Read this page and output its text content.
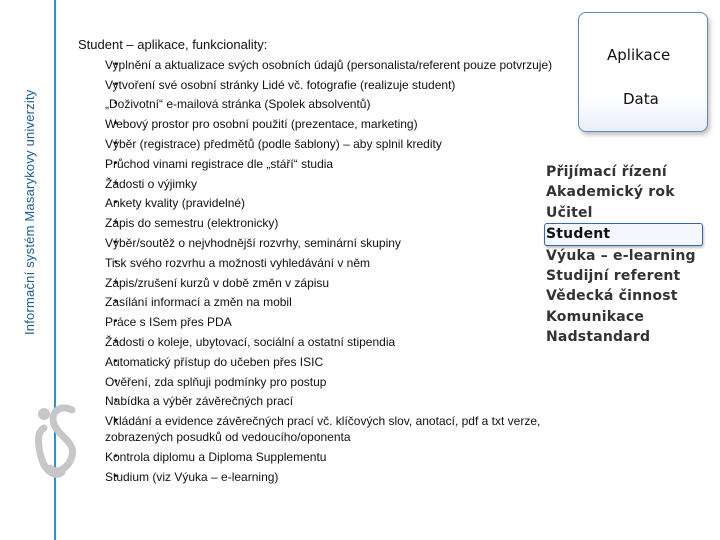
Informační systém Masarykovy univerzity

Student – aplikace, funkcionality:

• Vyplnění a aktualizace svých osobních údajů (personalista/referent pouze potvrzuje)
• Vytvoření své osobní stránky Lidé vč. fotografie (realizuje student)
• „Doživotní“ e-mailová stránka (Spolek absolventů)
• Webový prostor pro osobní použití (prezentace, marketing)
• Výběr (registrace) předmětů (podle šablony) – aby splnil kredity
• Průchod vinami registrace dle „stáří“ studia
• Žádosti o výjimky
• Ankety kvality (pravidelné)
• Zápis do semestru (elektronicky)
• Výběr/soutěž o nejvhodnější rozvrhy, seminární skupiny
• Tisk svého rozvrhu a možnosti vyhledávání v něm
• Zápis/zrušení kurzů v době změn v zápisu
• Zasílání informací a změn na mobil
• Práce s ISem přes PDA
• Žádosti o koleje, ubytovací, sociální a ostatní stipendia
• Automatický přístup do učeben přes ISIC
• Ověření, zda splňuji podmínky pro postup
• Nabídka a výběr závěrečných prací
• Vkládání a evidence závěrečných prací vč. klíčových slov, anotací, pdf a txt verze, zobrazených posudků od vedoucího/oponenta
• Kontrola diplomu a Diploma Supplementu
• Studium (viz Výuka – e-learning)
Aplikace
Data
Přijímací řízení
Akademický rok
Učitel
Student
Výuka – e-learning
Studijní referent
Vědecká činnost
Komunikace
Nadstandard
